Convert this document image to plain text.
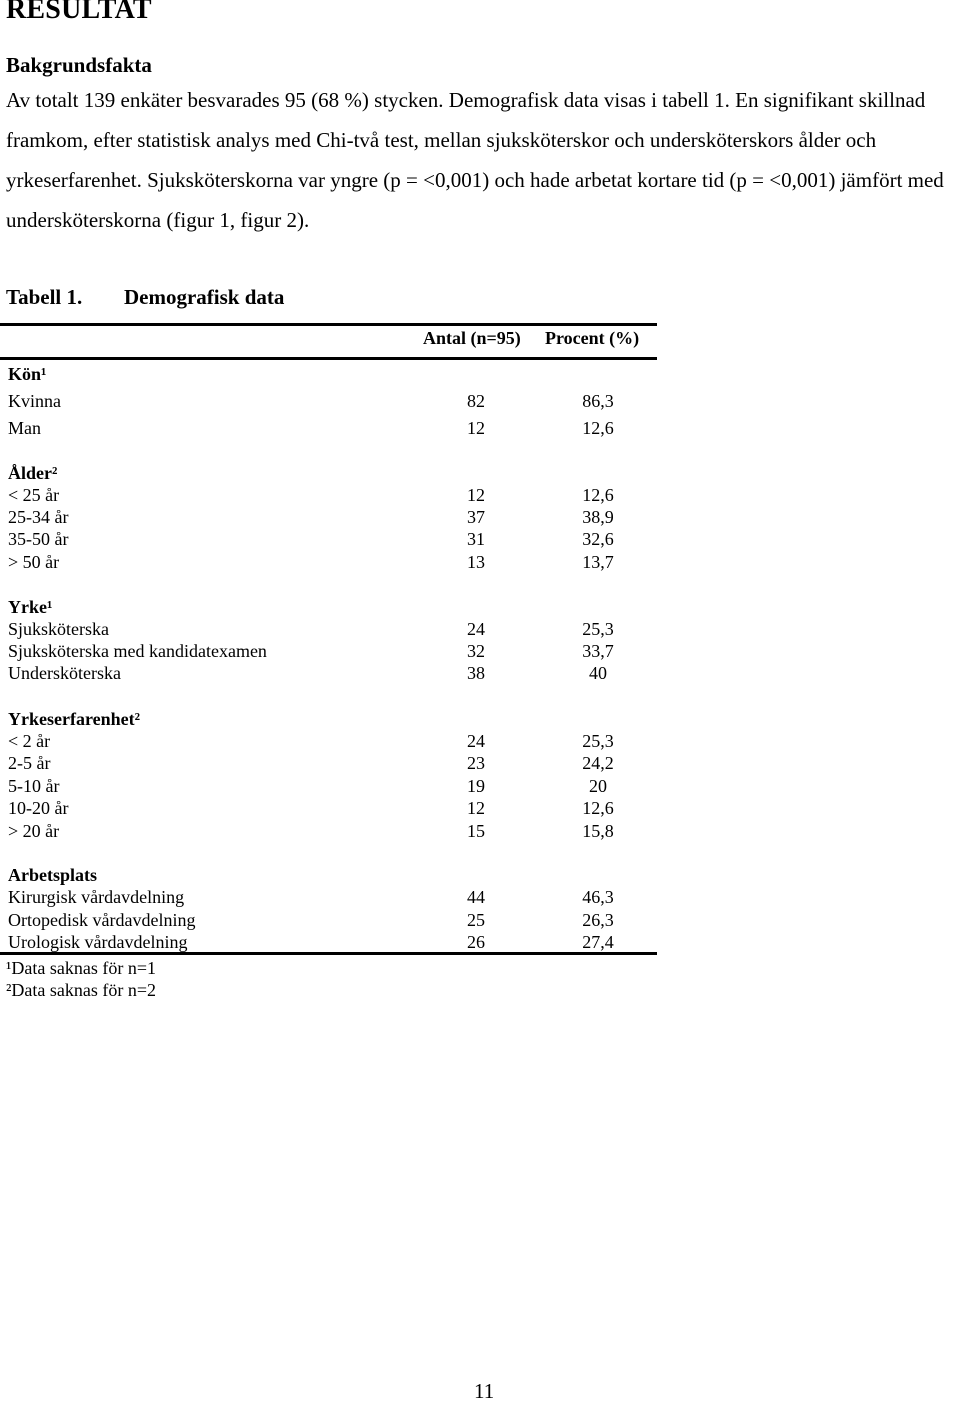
RESULTAT
Bakgrundsfakta

Av totalt 139 enkäter besvarades 95 (68 %) stycken. Demografisk data visas i tabell 1. En signifikant skillnad framkom, efter statistisk analys med Chi-två test, mellan sjuksköterskor och undersköterskors ålder och yrkeserfarenhet. Sjuksköterskorna var yngre (p = <0,001) och hade arbetat kortare tid (p = <0,001) jämfört med undersköterskorna (figur 1, figur 2).

Tabell 1. Demografisk data
Antal (n=95) Procent (%)
Kön¹
Kvinna	82	86,3
Man	12	12,6
Ålder²
< 25 år	12	12,6
25-34 år	37	38,9
35-50 år	31	32,6
> 50 år	13	13,7
Yrke¹
Sjuksköterska	24	25,3
Sjuksköterska med kandidatexamen	32	33,7
Undersköterska	38	40
Yrkeserfarenhet²
< 2 år	24	25,3
2-5 år	23	24,2
5-10 år	19	20
10-20 år	12	12,6
> 20 år	15	15,8
Arbetsplats
Kirurgisk vårdavdelning	44	46,3
Ortopedisk vårdavdelning	25	26,3
Urologisk vårdavdelning	26	27,4
¹Data saknas för n=1
²Data saknas för n=2
11
